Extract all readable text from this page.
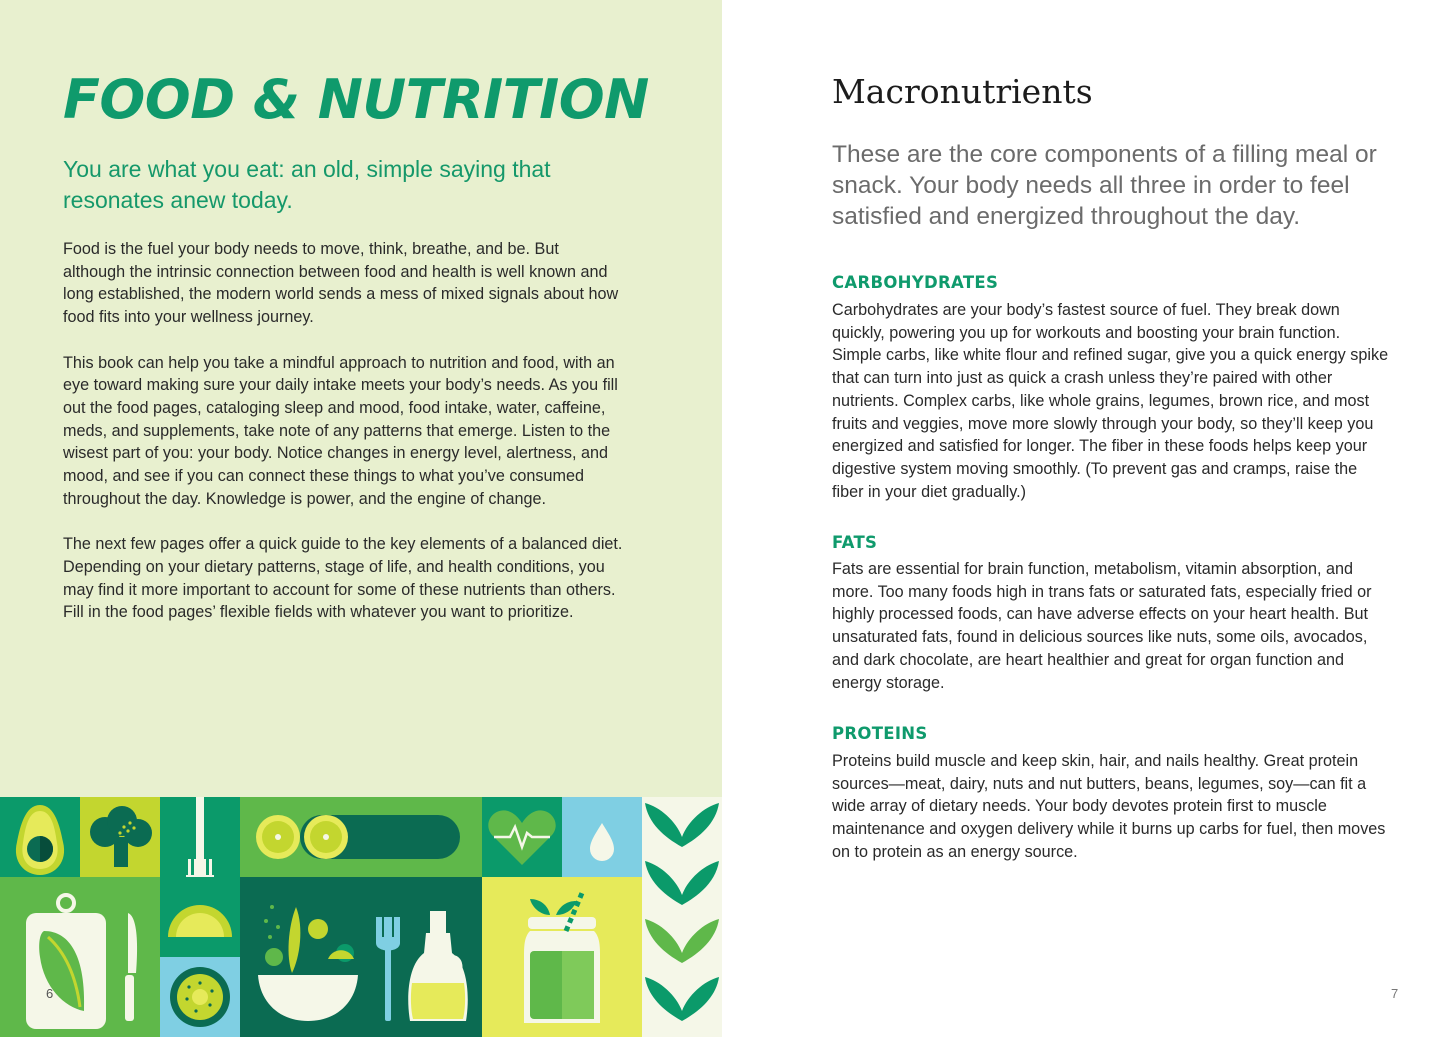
FOOD & NUTRITION

You are what you eat: an old, simple saying that resonates anew today.

Food is the fuel your body needs to move, think, breathe, and be. But although the intrinsic connection between food and health is well known and long established, the modern world sends a mess of mixed signals about how food fits into your wellness journey.

This book can help you take a mindful approach to nutrition and food, with an eye toward making sure your daily intake meets your body’s needs. As you fill out the food pages, cataloging sleep and mood, food intake, water, caffeine, meds, and supplements, take note of any patterns that emerge. Listen to the wisest part of you: your body. Notice changes in energy level, alertness, and mood, and see if you can connect these things to what you’ve consumed throughout the day. Knowledge is power, and the engine of change.

The next few pages offer a quick guide to the key elements of a balanced diet. Depending on your dietary patterns, stage of life, and health conditions, you may find it more important to account for some of these nutrients than others. Fill in the food pages’ flexible fields with whatever you want to prioritize.

6
Macronutrients

These are the core components of a filling meal or snack. Your body needs all three in order to feel satisfied and energized throughout the day.

CARBOHYDRATES

Carbohydrates are your body’s fastest source of fuel. They break down quickly, powering you up for workouts and boosting your brain function. Simple carbs, like white flour and refined sugar, give you a quick energy spike that can turn into just as quick a crash unless they’re paired with other nutrients. Complex carbs, like whole grains, legumes, brown rice, and most fruits and veggies, move more slowly through your body, so they’ll keep you energized and satisfied for longer. The fiber in these foods helps keep your digestive system moving smoothly. (To prevent gas and cramps, raise the fiber in your diet gradually.)

FATS

Fats are essential for brain function, metabolism, vitamin absorption, and more. Too many foods high in trans fats or saturated fats, especially fried or highly processed foods, can have adverse effects on your heart health. But unsaturated fats, found in delicious sources like nuts, some oils, avocados, and dark chocolate, are heart healthier and great for organ function and energy storage.

PROTEINS

Proteins build muscle and keep skin, hair, and nails healthy. Great protein sources—meat, dairy, nuts and nut butters, beans, legumes, soy—can fit a wide array of dietary needs. Your body devotes protein first to muscle maintenance and oxygen delivery while it burns up carbs for fuel, then moves on to protein as an energy source.

7
